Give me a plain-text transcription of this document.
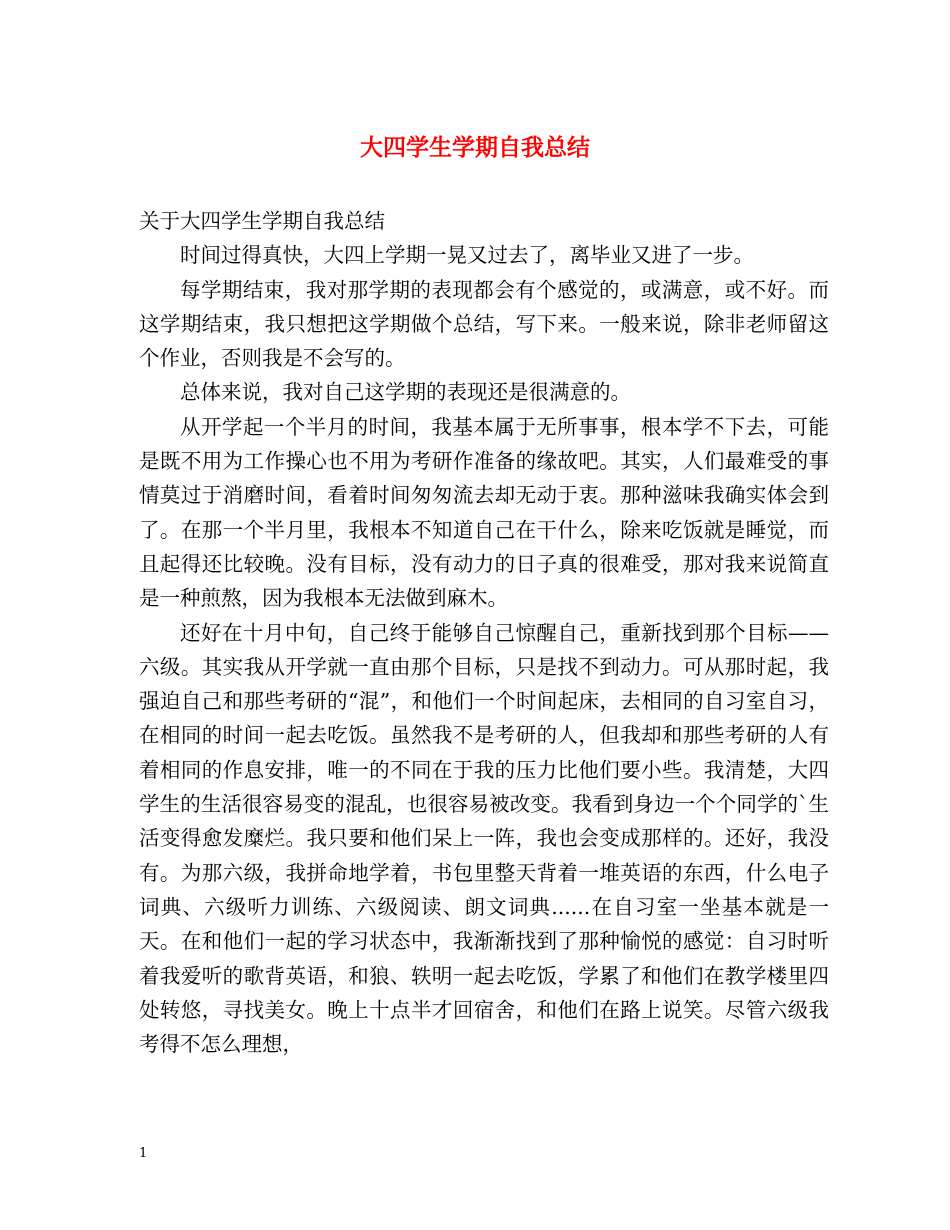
大四学生学期自我总结

关于大四学生学期自我总结

时间过得真快，大四上学期一晃又过去了，离毕业又进了一步。

每学期结束，我对那学期的表现都会有个感觉的，或满意，或不好。而这学期结束，我只想把这学期做个总结，写下来。一般来说，除非老师留这个作业，否则我是不会写的。

总体来说，我对自己这学期的表现还是很满意的。

从开学起一个半月的时间，我基本属于无所事事，根本学不下去，可能是既不用为工作操心也不用为考研作准备的缘故吧。其实，人们最难受的事情莫过于消磨时间，看着时间匆匆流去却无动于衷。那种滋味我确实体会到了。在那一个半月里，我根本不知道自己在干什么，除来吃饭就是睡觉，而且起得还比较晚。没有目标，没有动力的日子真的很难受，那对我来说简直是一种煎熬，因为我根本无法做到麻木。

还好在十月中旬，自己终于能够自己惊醒自己，重新找到那个目标——六级。其实我从开学就一直由那个目标，只是找不到动力。可从那时起，我强迫自己和那些考研的“混”，和他们一个时间起床，去相同的自习室自习，在相同的时间一起去吃饭。虽然我不是考研的人，但我却和那些考研的人有着相同的作息安排，唯一的不同在于我的压力比他们要小些。我清楚，大四学生的生活很容易变的混乱，也很容易被改变。我看到身边一个个同学的`生活变得愈发糜烂。我只要和他们呆上一阵，我也会变成那样的。还好，我没有。为那六级，我拼命地学着，书包里整天背着一堆英语的东西，什么电子词典、六级听力训练、六级阅读、朗文词典......在自习室一坐基本就是一天。在和他们一起的学习状态中，我渐渐找到了那种愉悦的感觉：自习时听着我爱听的歌背英语，和狼、轶明一起去吃饭，学累了和他们在教学楼里四处转悠，寻找美女。晚上十点半才回宿舍，和他们在路上说笑。尽管六级我考得不怎么理想，

1
